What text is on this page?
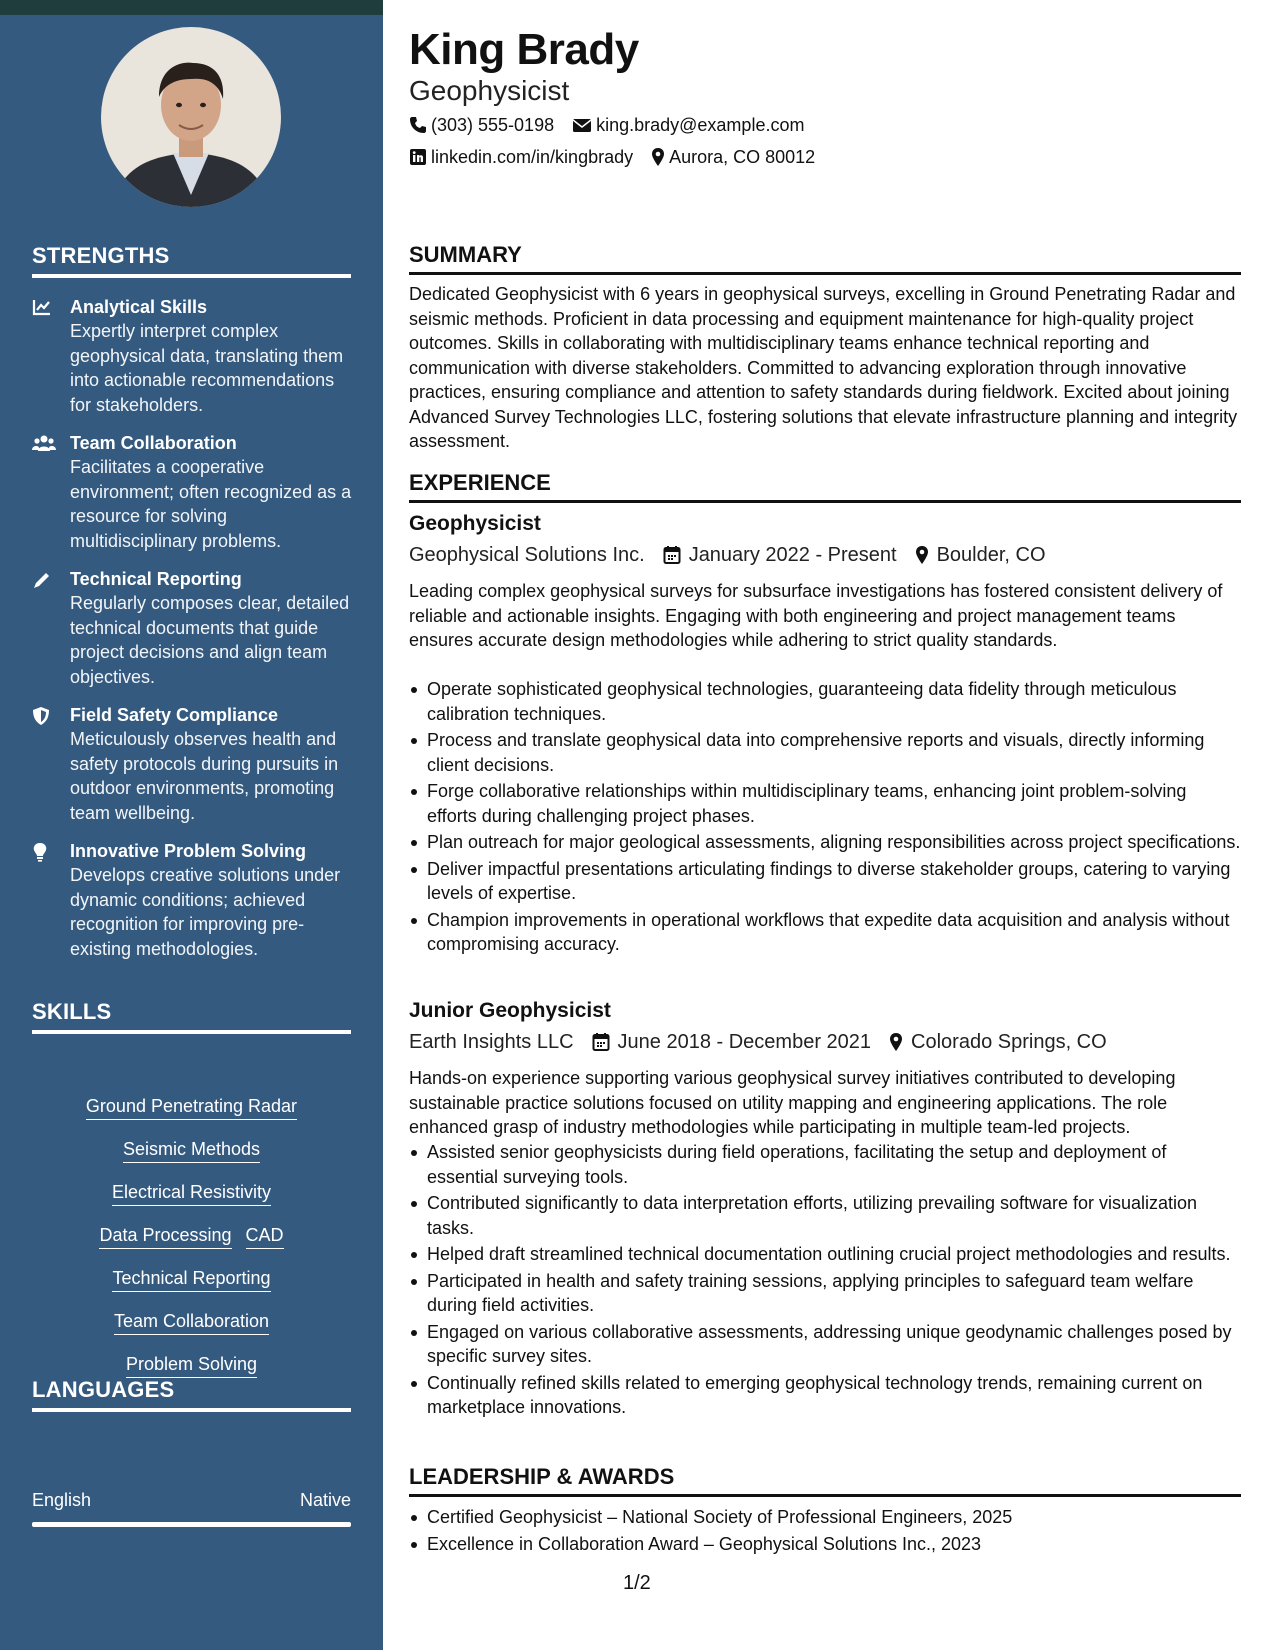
STRENGTHS
Analytical Skills
Expertly interpret complex geophysical data, translating them into actionable recommendations for stakeholders.
Team Collaboration
Facilitates a cooperative environment; often recognized as a resource for solving multidisciplinary problems.
Technical Reporting
Regularly composes clear, detailed technical documents that guide project decisions and align team objectives.
Field Safety Compliance
Meticulously observes health and safety protocols during pursuits in outdoor environments, promoting team wellbeing.
Innovative Problem Solving
Develops creative solutions under dynamic conditions; achieved recognition for improving pre-existing methodologies.
SKILLS
Ground Penetrating Radar
Seismic Methods
Electrical Resistivity
Data Processing CAD
Technical Reporting
Team Collaboration
Problem Solving
LANGUAGES
English	Native
King Brady
Geophysicist
(303) 555-0198 king.brady@example.com
linkedin.com/in/kingbrady Aurora, CO 80012
SUMMARY
Dedicated Geophysicist with 6 years in geophysical surveys, excelling in Ground Penetrating Radar and seismic methods. Proficient in data processing and equipment maintenance for high-quality project outcomes. Skills in collaborating with multidisciplinary teams enhance technical reporting and communication with diverse stakeholders. Committed to advancing exploration through innovative practices, ensuring compliance and attention to safety standards during fieldwork. Excited about joining Advanced Survey Technologies LLC, fostering solutions that elevate infrastructure planning and integrity assessment.
EXPERIENCE
Geophysicist
Geophysical Solutions Inc. January 2022 - Present Boulder, CO
Leading complex geophysical surveys for subsurface investigations has fostered consistent delivery of reliable and actionable insights. Engaging with both engineering and project management teams ensures accurate design methodologies while adhering to strict quality standards.
Operate sophisticated geophysical technologies, guaranteeing data fidelity through meticulous calibration techniques.
Process and translate geophysical data into comprehensive reports and visuals, directly informing client decisions.
Forge collaborative relationships within multidisciplinary teams, enhancing joint problem-solving efforts during challenging project phases.
Plan outreach for major geological assessments, aligning responsibilities across project specifications.
Deliver impactful presentations articulating findings to diverse stakeholder groups, catering to varying levels of expertise.
Champion improvements in operational workflows that expedite data acquisition and analysis without compromising accuracy.
Junior Geophysicist
Earth Insights LLC June 2018 - December 2021 Colorado Springs, CO
Hands-on experience supporting various geophysical survey initiatives contributed to developing sustainable practice solutions focused on utility mapping and engineering applications. The role enhanced grasp of industry methodologies while participating in multiple team-led projects.
Assisted senior geophysicists during field operations, facilitating the setup and deployment of essential surveying tools.
Contributed significantly to data interpretation efforts, utilizing prevailing software for visualization tasks.
Helped draft streamlined technical documentation outlining crucial project methodologies and results.
Participated in health and safety training sessions, applying principles to safeguard team welfare during field activities.
Engaged on various collaborative assessments, addressing unique geodynamic challenges posed by specific survey sites.
Continually refined skills related to emerging geophysical technology trends, remaining current on marketplace innovations.
LEADERSHIP & AWARDS
Certified Geophysicist – National Society of Professional Engineers, 2025
Excellence in Collaboration Award – Geophysical Solutions Inc., 2023
1/2
